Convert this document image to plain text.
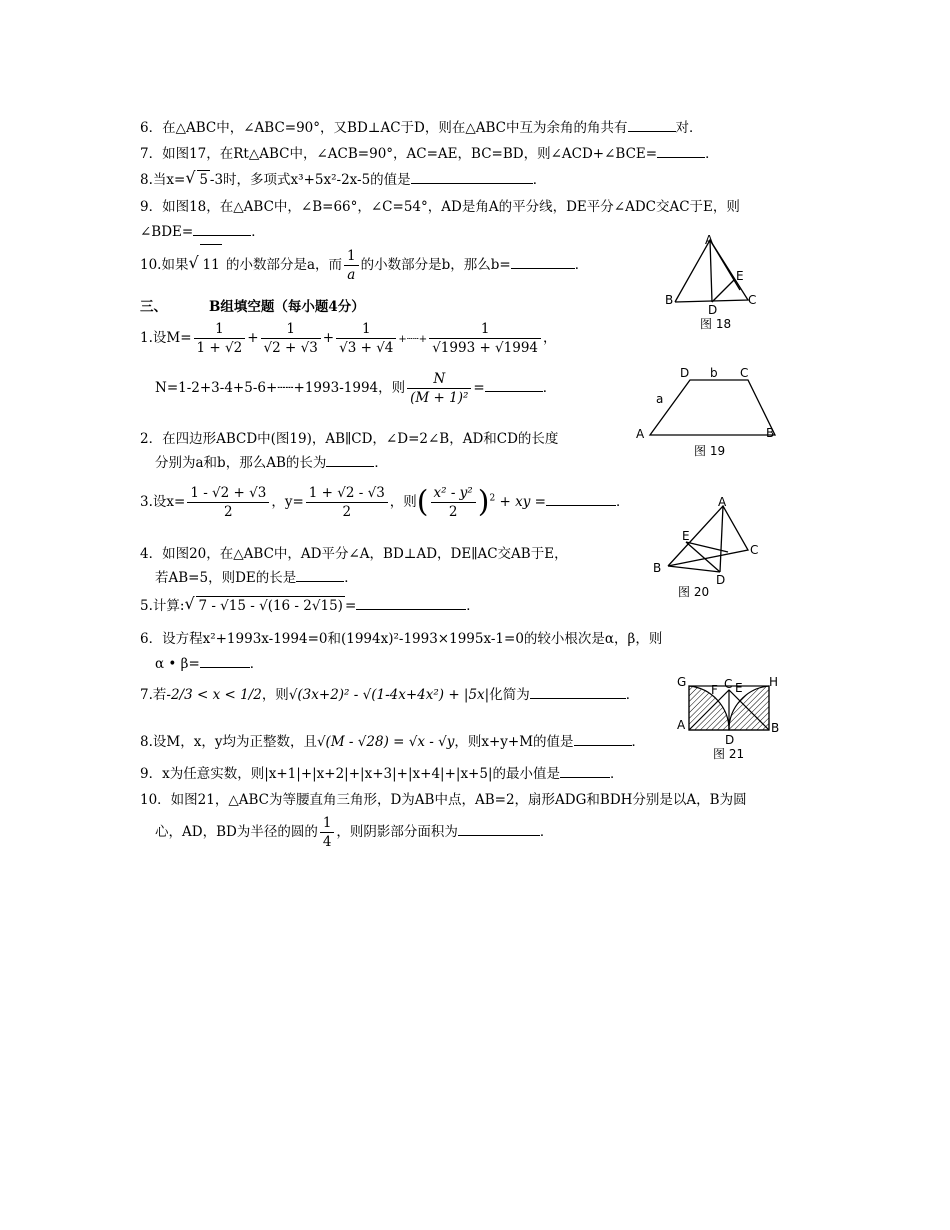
6．在△ABC中，∠ABC=90°，又BD⊥AC于D，则在△ABC中互为余角的角共有	对．
7．如图17，在Rt△ABC中，∠ACB=90°，AC=AE，BC=BD，则∠ACD+∠BCE=	．
8.当x= √ 5 -3时，多项式x³+5x²-2x-5的值是	．
9．如图18，在△ABC中，∠B=66°，∠C=54°，AD是角A的平分线，DE平分∠ADC交AC于E，则
∠BDE=	．
10.如果 √ 11 的小数部分是a，而 $\frac{1}{a}$ 的小数部分是b，那么b=	．
三、	B组填空题（每小题4分）
1.设$M= \frac{1}{1 + √2} + \frac{1}{√2 + √3} + \frac{1}{√3 + √4}$ +┄┄+ $\frac{1}{√1993 + √1994}$ ，
N=1-2+3-4+5-6+┄┄+1993-1994，则 $\frac{N}{\text{(M + 1)²}}$ =	．
2．在四边形ABCD中(图19)，AB∥CD，∠D=2∠B，AD和CD的长度
分别为a和b，那么AB的长为	．
3.设$x= \frac{1 - √2 + √3}{2}$ ，$y= \frac{1 + √2 - √3}{2}$ ，则( $\frac{\text{x² - y²}}{2} )^2$ + xy =	．
4．如图20，在△ABC中，AD平分∠A，BD⊥AD，DE∥AC交AB于E，
若AB=5，则DE的长是	．
5.计算: √ 7 - √15 - √(16 - 2√15) =	．
6．设方程x²+1993x-1994=0和(1994x)²-1993×1995x-1=0的较小根次是α，β，则
α • β=	．
7.若-2/3 < x < 1/2，则√(3x+2)² - √(1-4x+4x²) + |5x|化简为	．
8.设M，x，y均为正整数，且√(M - √28) = √x - √y，则x+y+M的值是	．
9．x为任意实数，则|x+1|+|x+2|+|x+3|+|x+4|+|x+5|的最小值是	．
10．如图21，△ABC为等腰直角三角形，D为AB中点，AB=2，扇形ADG和BDH分别是以A，B为圆
心，AD，BD为半径的圆的 $\frac{1}{4}$ ，则阴影部分面积为	．
A
B	C
D
E
图 18
A	B
C
D
a
b
图 19
A
B
C
D
E
图 20
G
F C E H
A
D
B
图 21
